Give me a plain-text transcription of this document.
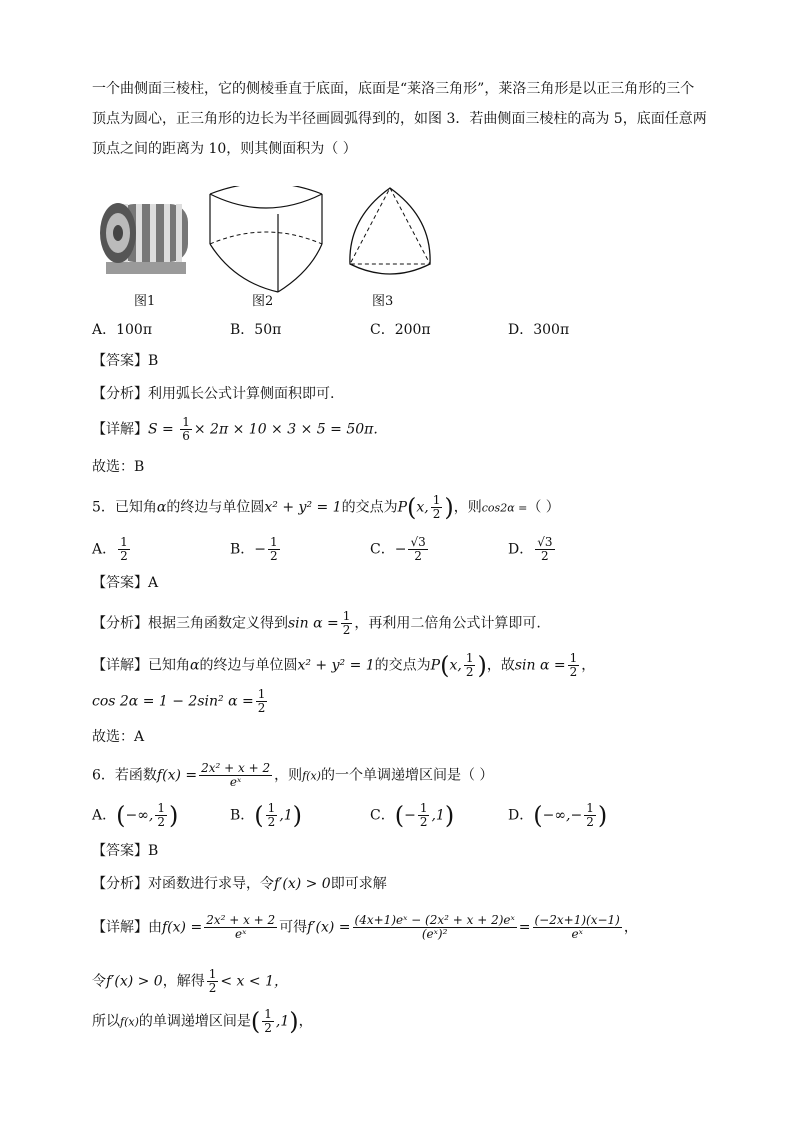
一个曲侧面三棱柱，它的侧棱垂直于底面，底面是“莱洛三角形”，莱洛三角形是以正三角形的三个
顶点为圆心，正三角形的边长为半径画圆弧得到的，如图 3．若曲侧面三棱柱的高为 5，底面任意两
顶点之间的距离为 10，则其侧面积为（ ）
图1	图2	图3
A．100π	B．50π	C．200π	D．300π
【答案】B
【分析】利用弧长公式计算侧面积即可.
【详解】$S = \frac{1}{6} \times 2\pi \times 10 \times 3 \times 5 = 50\pi$.
故选：B
5．已知角α的终边与单位圆x² + y² = 1的交点为P(x, $\frac{1}{2}$ )，则cos2α =（ ）
A． $\frac{1}{2}$	B．− $\frac{1}{2}$	C．− $\frac{√3}{2}$	D． $\frac{√3}{2}$
【答案】A
【分析】根据三角函数定义得到$\sin \alpha = \frac{1}{2}$ ，再利用二倍角公式计算即可.
【详解】已知角α的终边与单位圆x² + y² = 1的交点为P(x, $\frac{1}{2}$ )，故$\sin \alpha = \frac{1}{2}$ ，
cos 2α = 1 − 2sin² $\alpha = \frac{1}{2}$
故选：A
6．若函数$f(x) = \frac{\text{2x² + x + 2}}{\text{eˣ}}$ ，则f(x)的一个单调递增区间是（ ）
A．(−∞, $\frac{1}{2}$ )	B．( $\frac{1}{2} ,1$)	C．(− $\frac{1}{2} ,1$)	D．(−∞,− $\frac{1}{2}$ )
【答案】B
【分析】对函数进行求导，令f′(x) > 0即可求解
【详解】由$f(x) = \frac{\text{2x² + x + 2}}{\text{eˣ}}$ 可得$f'(x) = \frac{\text{(4x+1)eˣ − (2x² + x + 2)eˣ}}{\text{(eˣ)²}} = \frac{(-2x+1)(x-1)}{\text{eˣ}}$ ，
令f′(x) > 0，解得 $\frac{1}{2} < x < 1$，
所以f(x)的单调递增区间是( $\frac{1}{2} ,1$)，
